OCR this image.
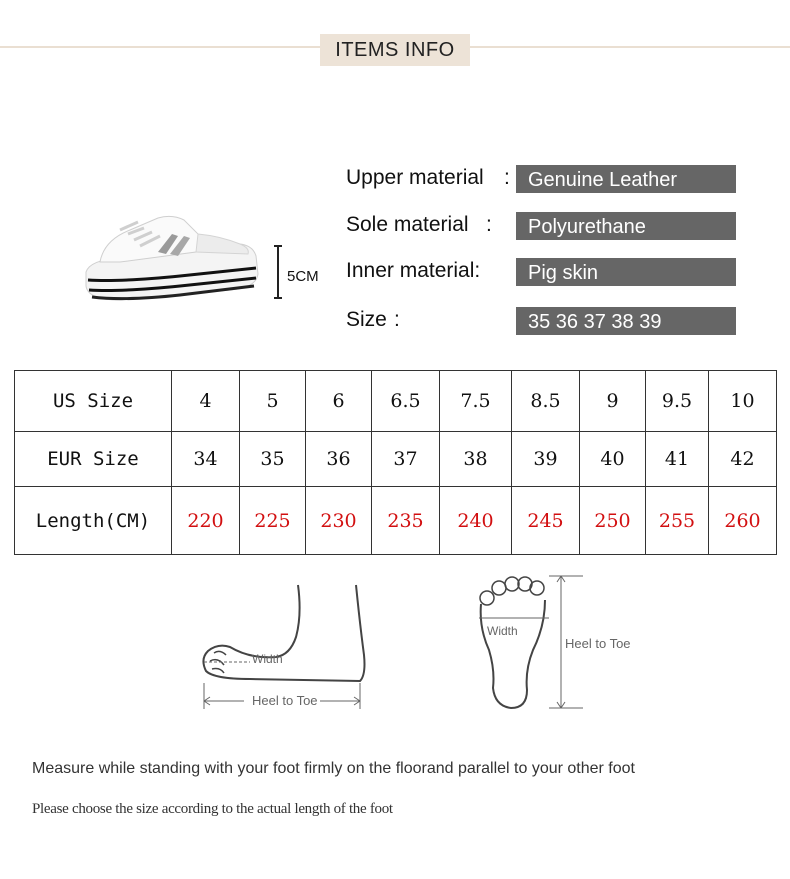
ITEMS INFO
5CM
Upper material : Genuine Leather
Sole material :	Polyurethane
Inner material:	Pig skin
Size :	35 36 37 38 39
US Size	4	5	6	6.5	7.5	8.5	9	9.5	10
EUR Size	34	35	36	37	38	39	40	41	42
Length(CM)	220	225	230	235	240	245	250	255	260
Width
Heel to Toe
Width
Heel to Toe
Measure while standing with your foot firmly on the floorand parallel to your other foot
Please choose the size according to the actual length of the foot
